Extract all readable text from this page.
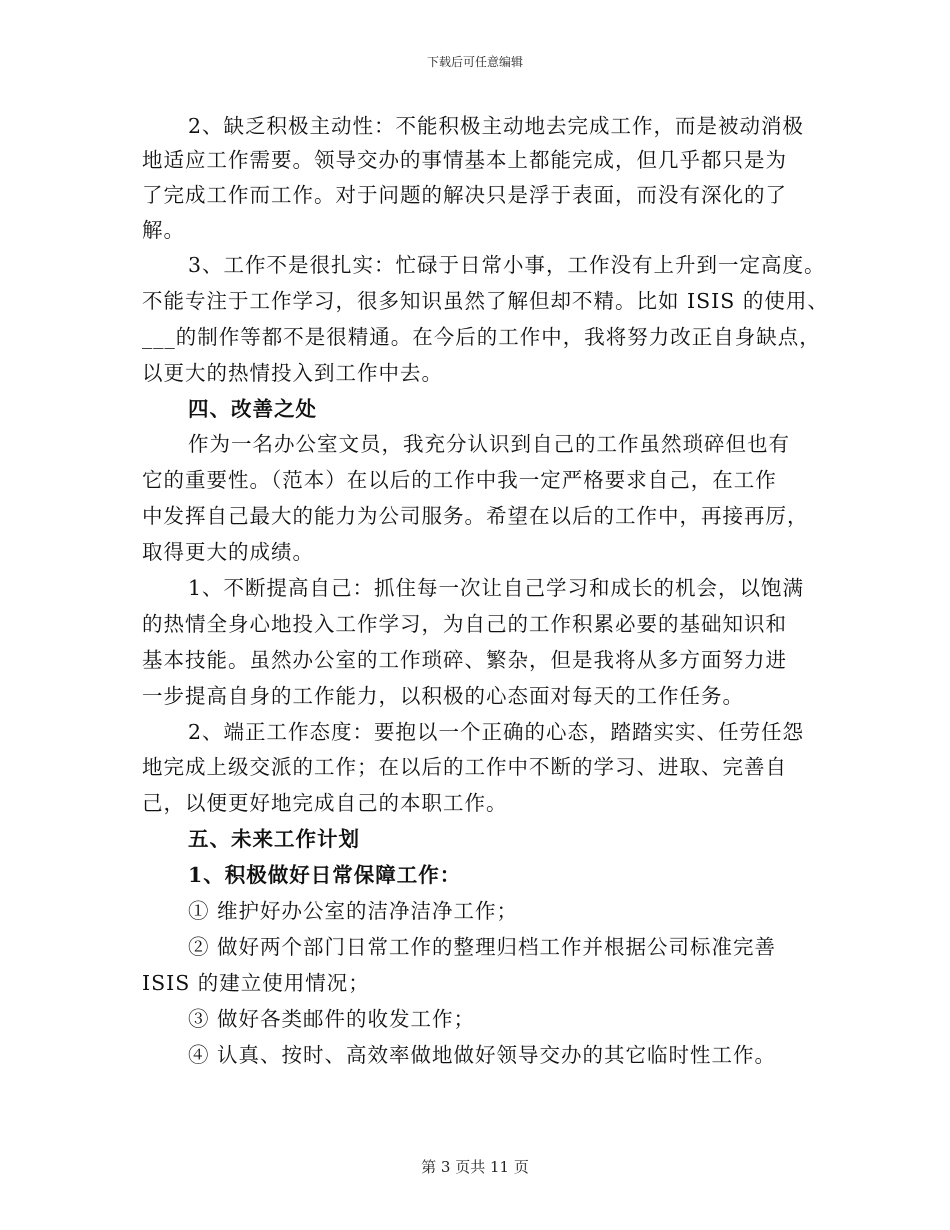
下载后可任意编辑
2、缺乏积极主动性：不能积极主动地去完成工作，而是被动消极
地适应工作需要。领导交办的事情基本上都能完成，但几乎都只是为
了完成工作而工作。对于问题的解决只是浮于表面，而没有深化的了
解。
3、工作不是很扎实：忙碌于日常小事，工作没有上升到一定高度。
不能专注于工作学习，很多知识虽然了解但却不精。比如 ISIS 的使用、
___的制作等都不是很精通。在今后的工作中，我将努力改正自身缺点，
以更大的热情投入到工作中去。
四、改善之处
作为一名办公室文员，我充分认识到自己的工作虽然琐碎但也有
它的重要性。（范本）在以后的工作中我一定严格要求自己，在工作
中发挥自己最大的能力为公司服务。希望在以后的工作中，再接再厉，
取得更大的成绩。
1、不断提高自己：抓住每一次让自己学习和成长的机会，以饱满
的热情全身心地投入工作学习，为自己的工作积累必要的基础知识和
基本技能。虽然办公室的工作琐碎、繁杂，但是我将从多方面努力进
一步提高自身的工作能力，以积极的心态面对每天的工作任务。
2、端正工作态度：要抱以一个正确的心态，踏踏实实、任劳任怨
地完成上级交派的工作；在以后的工作中不断的学习、进取、完善自
己，以便更好地完成自己的本职工作。
五、未来工作计划
1、积极做好日常保障工作：
① 维护好办公室的洁净洁净工作；
② 做好两个部门日常工作的整理归档工作并根据公司标准完善
ISIS 的建立使用情况；
③ 做好各类邮件的收发工作；
④ 认真、按时、高效率做地做好领导交办的其它临时性工作。
第 3 页共 11 页
